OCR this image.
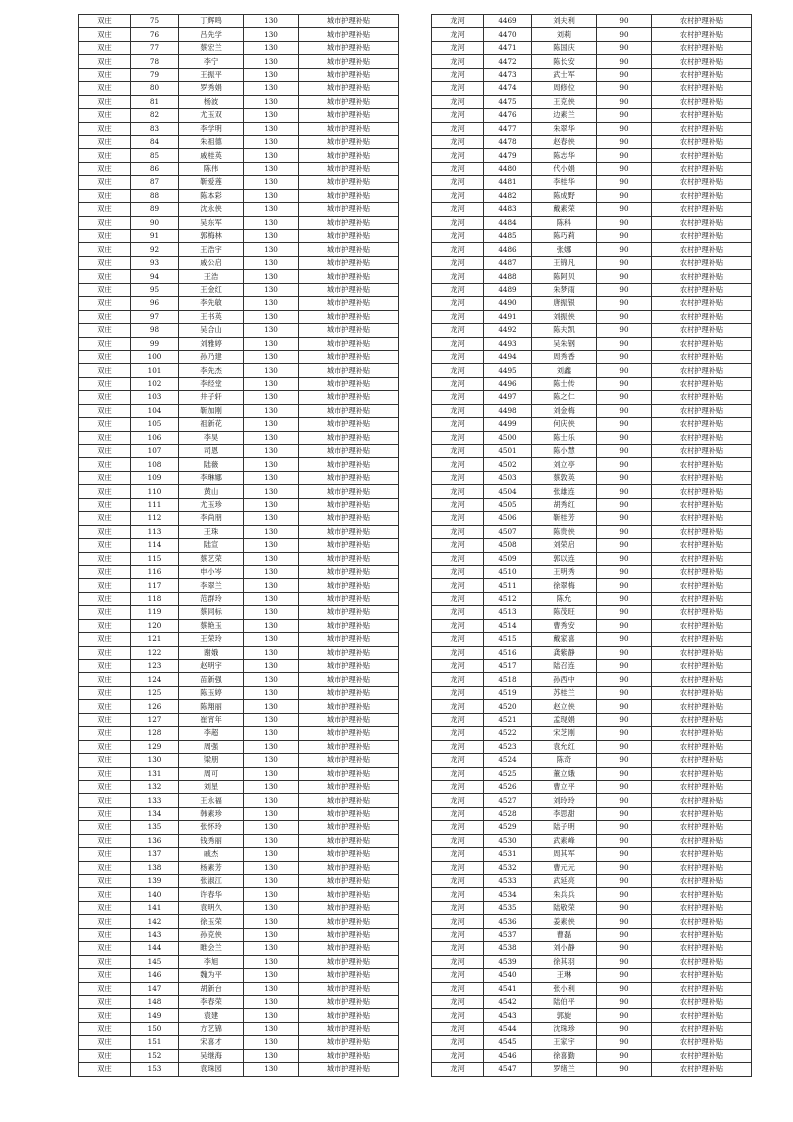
双庄	75	丁辉鸣	130	城市护理补贴
双庄	76	吕先学	130	城市护理补贴
双庄	77	蔡宏兰	130	城市护理补贴
双庄	78	李宁	130	城市护理补贴
双庄	79	王振平	130	城市护理补贴
双庄	80	罗秀娟	130	城市护理补贴
双庄	81	杨波	130	城市护理补贴
双庄	82	尤玉双	130	城市护理补贴
双庄	83	李学明	130	城市护理补贴
双庄	84	朱祖德	130	城市护理补贴
双庄	85	戚桂英	130	城市护理补贴
双庄	86	陈伟	130	城市护理补贴
双庄	87	靳爱莲	130	城市护理补贴
双庄	88	陈本彩	130	城市护理补贴
双庄	89	沈永侠	130	城市护理补贴
双庄	90	吴东军	130	城市护理补贴
双庄	91	郭梅林	130	城市护理补贴
双庄	92	王浩宇	130	城市护理补贴
双庄	93	戚公启	130	城市护理补贴
双庄	94	王浩	130	城市护理补贴
双庄	95	王金红	130	城市护理补贴
双庄	96	李先敏	130	城市护理补贴
双庄	97	王书英	130	城市护理补贴
双庄	98	吴合山	130	城市护理补贴
双庄	99	刘雅婷	130	城市护理补贴
双庄	100	孙乃建	130	城市护理补贴
双庄	101	李先杰	130	城市护理补贴
双庄	102	李经堂	130	城市护理补贴
双庄	103	井子轩	130	城市护理补贴
双庄	104	靳加刚	130	城市护理补贴
双庄	105	祖新花	130	城市护理补贴
双庄	106	李昊	130	城市护理补贴
双庄	107	司恩	130	城市护理补贴
双庄	108	陆薇	130	城市护理补贴
双庄	109	李琳娜	130	城市护理补贴
双庄	110	黄山	130	城市护理补贴
双庄	111	尤玉珍	130	城市护理补贴
双庄	112	李尚朋	130	城市护理补贴
双庄	113	王珠	130	城市护理补贴
双庄	114	陆宣	130	城市护理补贴
双庄	115	蔡艺荣	130	城市护理补贴
双庄	116	申小岑	130	城市护理补贴
双庄	117	李翠兰	130	城市护理补贴
双庄	118	范群玲	130	城市护理补贴
双庄	119	蔡同标	130	城市护理补贴
双庄	120	蔡艳玉	130	城市护理补贴
双庄	121	王荣玲	130	城市护理补贴
双庄	122	谢娥	130	城市护理补贴
双庄	123	赵明宇	130	城市护理补贴
双庄	124	苗新强	130	城市护理补贴
双庄	125	陈玉婷	130	城市护理补贴
双庄	126	陈翔丽	130	城市护理补贴
双庄	127	崔宵年	130	城市护理补贴
双庄	128	李超	130	城市护理补贴
双庄	129	周强	130	城市护理补贴
双庄	130	梁朋	130	城市护理补贴
双庄	131	周可	130	城市护理补贴
双庄	132	刘星	130	城市护理补贴
双庄	133	王永福	130	城市护理补贴
双庄	134	韩素珍	130	城市护理补贴
双庄	135	张怀玲	130	城市护理补贴
双庄	136	钱秀丽	130	城市护理补贴
双庄	137	戚杰	130	城市护理补贴
双庄	138	杨素芳	130	城市护理补贴
双庄	139	张淑江	130	城市护理补贴
双庄	140	许春华	130	城市护理补贴
双庄	141	袁明久	130	城市护理补贴
双庄	142	徐玉荣	130	城市护理补贴
双庄	143	孙克侠	130	城市护理补贴
双庄	144	睢会兰	130	城市护理补贴
双庄	145	李旭	130	城市护理补贴
双庄	146	魏为平	130	城市护理补贴
双庄	147	胡新台	130	城市护理补贴
双庄	148	李春荣	130	城市护理补贴
双庄	149	袁建	130	城市护理补贴
双庄	150	方艺锦	130	城市护理补贴
双庄	151	宋喜才	130	城市护理补贴
双庄	152	吴继海	130	城市护理补贴
双庄	153	袁珠园	130	城市护理补贴
龙河	4469	刘夫利	90	农村护理补贴
龙河	4470	刘莉	90	农村护理补贴
龙河	4471	陈国庆	90	农村护理补贴
龙河	4472	陈长安	90	农村护理补贴
龙河	4473	武士军	90	农村护理补贴
龙河	4474	周修位	90	农村护理补贴
龙河	4475	王克侠	90	农村护理补贴
龙河	4476	边素兰	90	农村护理补贴
龙河	4477	朱翠华	90	农村护理补贴
龙河	4478	赵春侠	90	农村护理补贴
龙河	4479	陈志华	90	农村护理补贴
龙河	4480	代小娟	90	农村护理补贴
龙河	4481	李桂华	90	农村护理补贴
龙河	4482	陈成野	90	农村护理补贴
龙河	4483	戴素荣	90	农村护理补贴
龙河	4484	陈科	90	农村护理补贴
龙河	4485	陈巧莉	90	农村护理补贴
龙河	4486	张娜	90	农村护理补贴
龙河	4487	王锦凡	90	农村护理补贴
龙河	4488	陈阿贝	90	农村护理补贴
龙河	4489	朱梦雨	90	农村护理补贴
龙河	4490	唐振银	90	农村护理补贴
龙河	4491	刘振侠	90	农村护理补贴
龙河	4492	陈夫凯	90	农村护理补贴
龙河	4493	吴朱钢	90	农村护理补贴
龙河	4494	周秀香	90	农村护理补贴
龙河	4495	刘鑫	90	农村护理补贴
龙河	4496	陈士传	90	农村护理补贴
龙河	4497	陈之仁	90	农村护理补贴
龙河	4498	刘金梅	90	农村护理补贴
龙河	4499	何庆侠	90	农村护理补贴
龙河	4500	陈士乐	90	农村护理补贴
龙河	4501	陈小慧	90	农村护理补贴
龙河	4502	刘立亭	90	农村护理补贴
龙河	4503	蔡敦英	90	农村护理补贴
龙河	4504	张雄连	90	农村护理补贴
龙河	4505	胡秀红	90	农村护理补贴
龙河	4506	靳桂芳	90	农村护理补贴
龙河	4507	陈贵侠	90	农村护理补贴
龙河	4508	刘荣启	90	农村护理补贴
龙河	4509	郭以连	90	农村护理补贴
龙河	4510	王明秀	90	农村护理补贴
龙河	4511	徐翠梅	90	农村护理补贴
龙河	4512	陈允	90	农村护理补贴
龙河	4513	陈茂旺	90	农村护理补贴
龙河	4514	曹秀安	90	农村护理补贴
龙河	4515	戴家喜	90	农村护理补贴
龙河	4516	龚紫静	90	农村护理补贴
龙河	4517	陆召连	90	农村护理补贴
龙河	4518	孙西中	90	农村护理补贴
龙河	4519	苏桂兰	90	农村护理补贴
龙河	4520	赵立侠	90	农村护理补贴
龙河	4521	孟现娟	90	农村护理补贴
龙河	4522	宋芝刚	90	农村护理补贴
龙河	4523	袁允红	90	农村护理补贴
龙河	4524	陈奇	90	农村护理补贴
龙河	4525	董立娥	90	农村护理补贴
龙河	4526	曹立平	90	农村护理补贴
龙河	4527	刘玲玲	90	农村护理补贴
龙河	4528	李思甜	90	农村护理补贴
龙河	4529	陆子明	90	农村护理补贴
龙河	4530	武素峰	90	农村护理补贴
龙河	4531	周其军	90	农村护理补贴
龙河	4532	曹元元	90	农村护理补贴
龙河	4533	武延亮	90	农村护理补贴
龙河	4534	朱兵兵	90	农村护理补贴
龙河	4535	陆敬荣	90	农村护理补贴
龙河	4536	姜素侠	90	农村护理补贴
龙河	4537	曹磊	90	农村护理补贴
龙河	4538	刘小静	90	农村护理补贴
龙河	4539	徐其羽	90	农村护理补贴
龙河	4540	王琳	90	农村护理补贴
龙河	4541	张小利	90	农村护理补贴
龙河	4542	陆伯平	90	农村护理补贴
龙河	4543	郭旋	90	农村护理补贴
龙河	4544	沈珠珍	90	农村护理补贴
龙河	4545	王家宇	90	农村护理补贴
龙河	4546	徐喜勤	90	农村护理补贴
龙河	4547	罗绪兰	90	农村护理补贴
